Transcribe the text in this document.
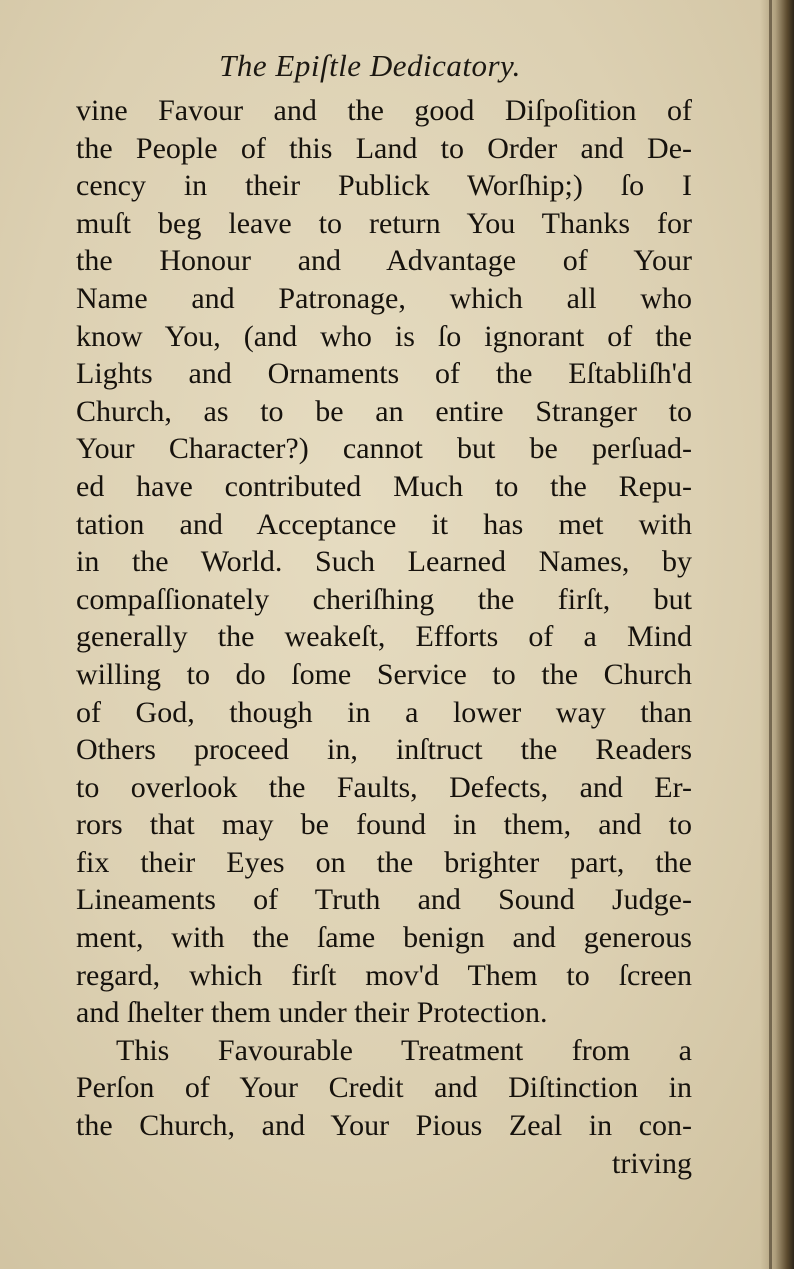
The Epiſtle Dedicatory.
vine Favour and the good Diſpoſition of
the People of this Land to Order and De-
cency in their Publick Worſhip;) ſo I
muſt beg leave to return You Thanks for
the Honour and Advantage of Your
Name and Patronage, which all who
know You, (and who is ſo ignorant of the
Lights and Ornaments of the Eſtabliſh'd
Church, as to be an entire Stranger to
Your Character?) cannot but be perſuad-
ed have contributed Much to the Repu-
tation and Acceptance it has met with
in the World. Such Learned Names, by
compaſſionately cheriſhing the firſt, but
generally the weakeſt, Efforts of a Mind
willing to do ſome Service to the Church
of God, though in a lower way than
Others proceed in, inſtruct the Readers
to overlook the Faults, Defects, and Er-
rors that may be found in them, and to
fix their Eyes on the brighter part, the
Lineaments of Truth and Sound Judge-
ment, with the ſame benign and generous
regard, which firſt mov'd Them to ſcreen
and ſhelter them under their Protection.
This Favourable Treatment from a
Perſon of Your Credit and Diſtinction in
the Church, and Your Pious Zeal in con-
triving
